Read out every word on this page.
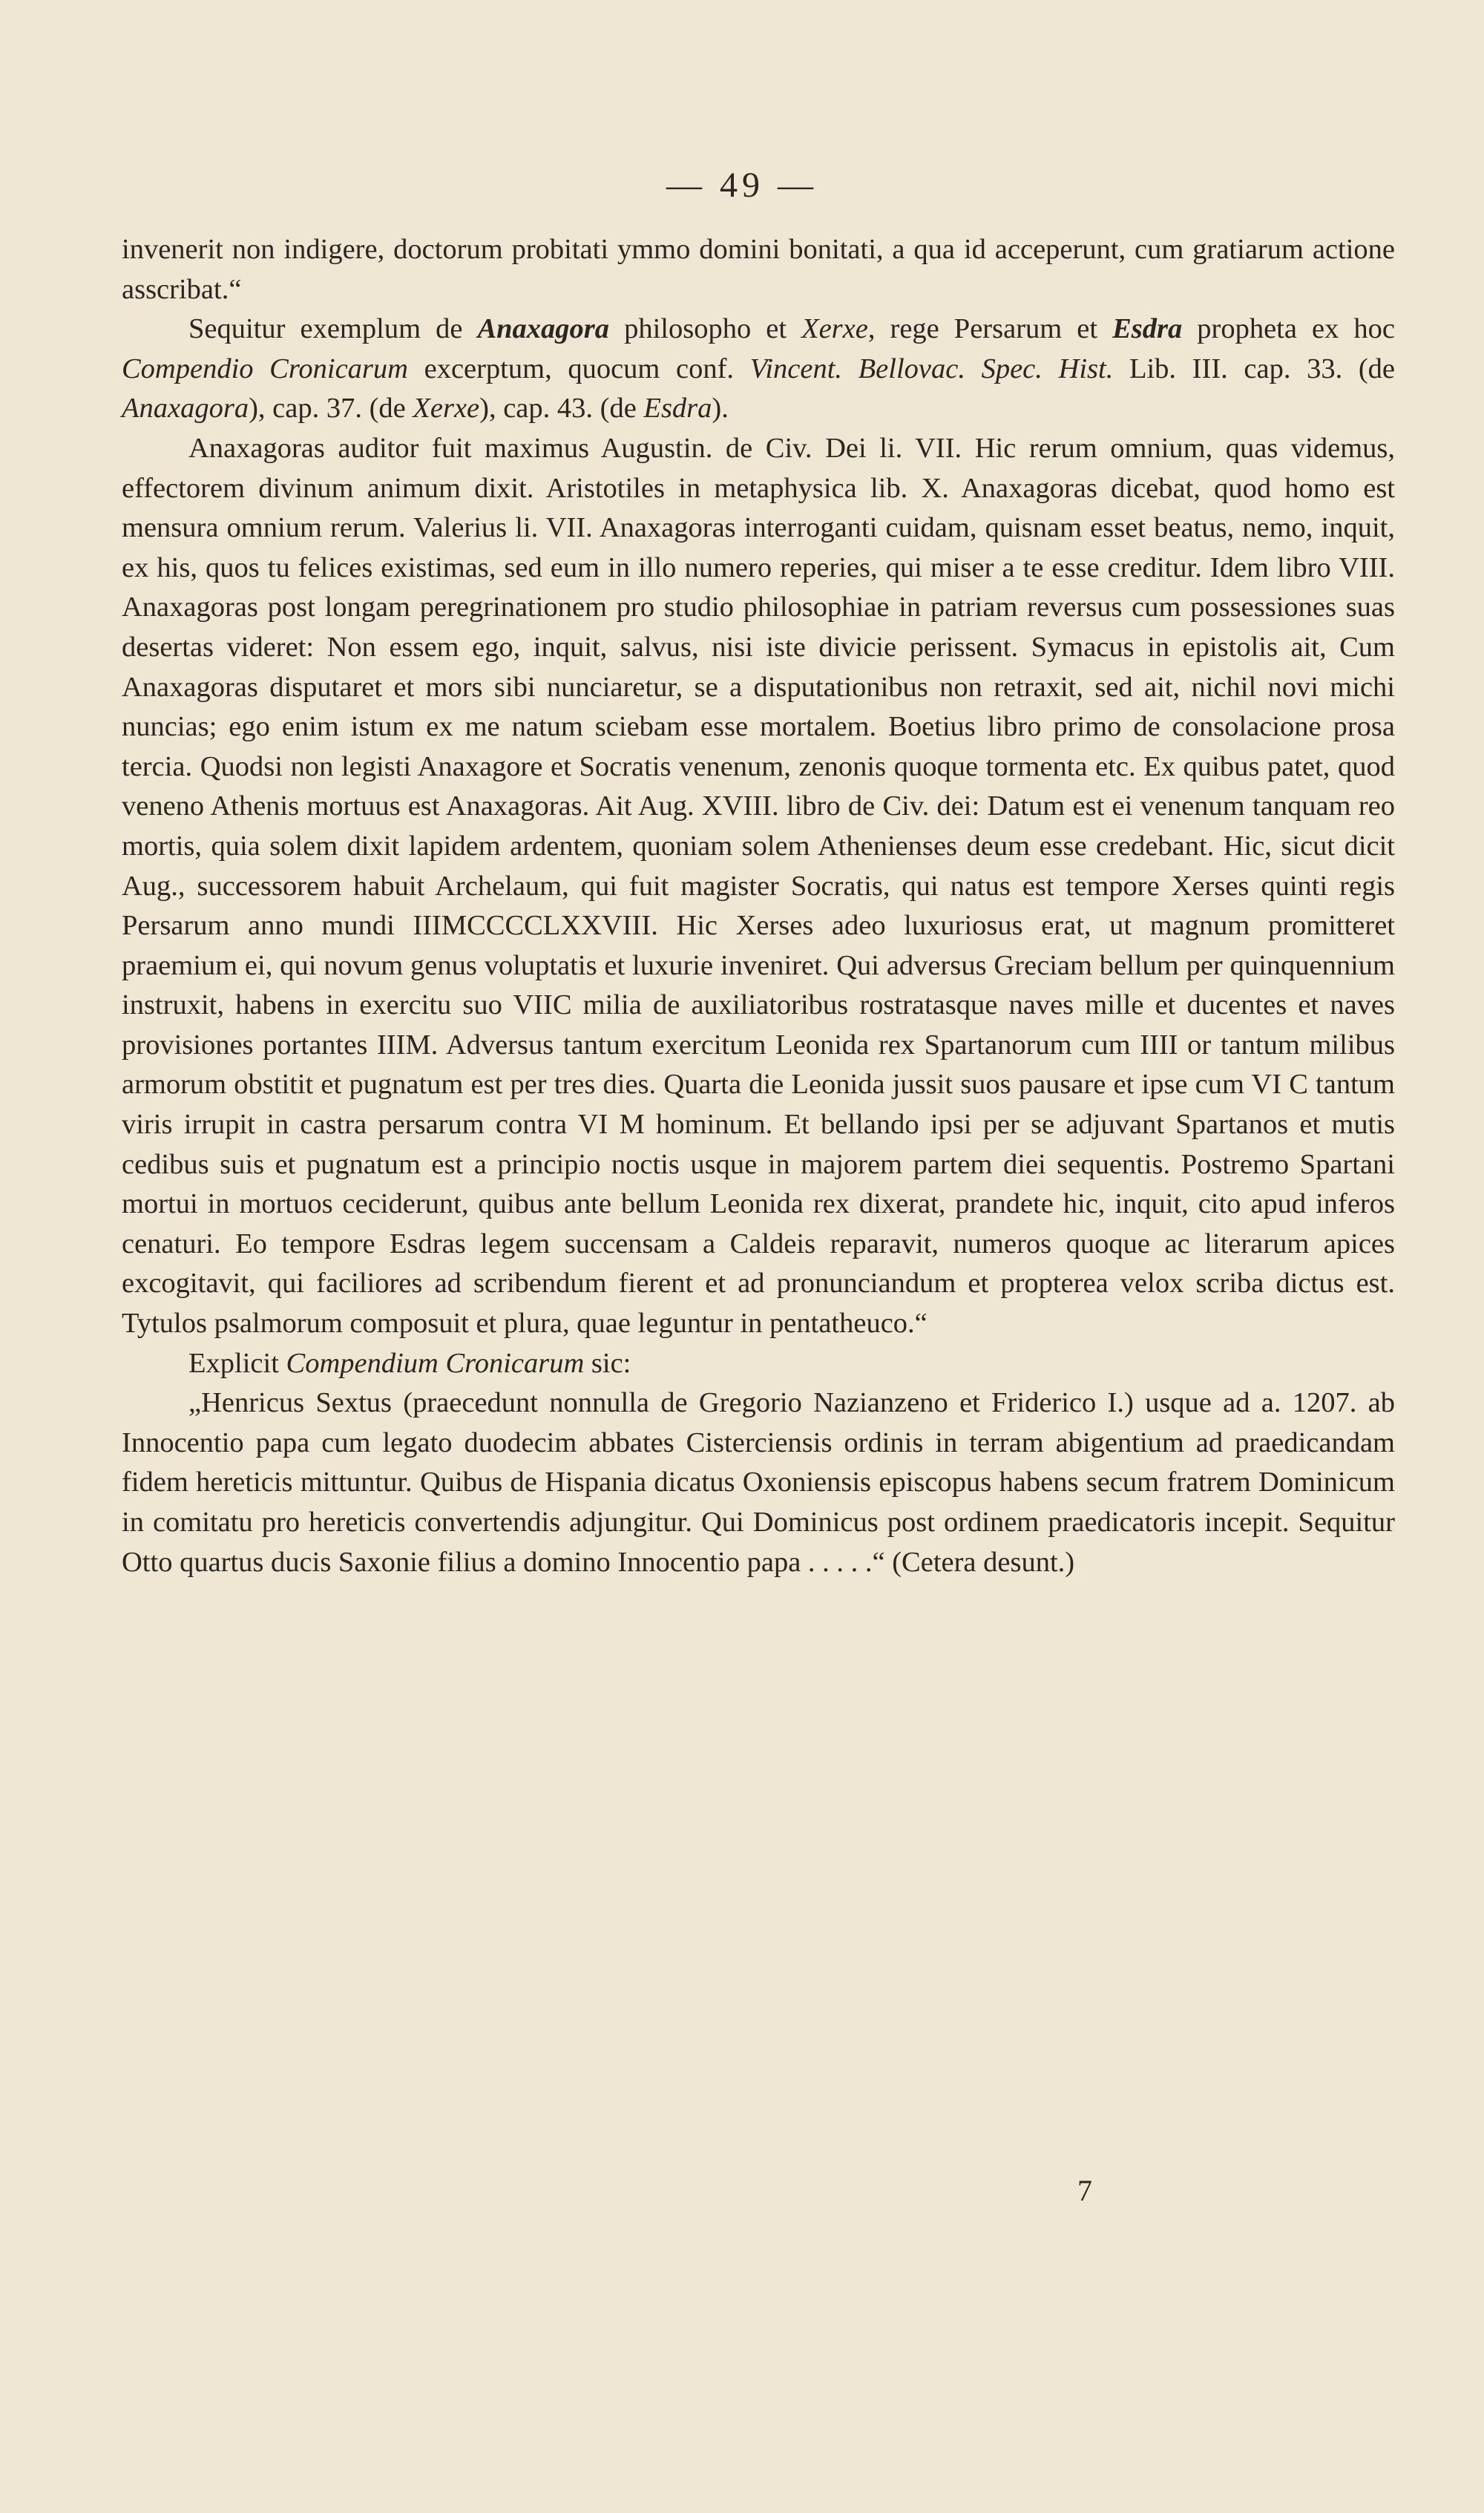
— 49 —

invenerit non indigere, doctorum probitati ymmo domini bonitati, a qua id acceperunt, cum gratiarum actione asscribat.“

Sequitur exemplum de Anaxagora philosopho et Xerxe, rege Persarum et Esdra propheta ex hoc Compendio Cronicarum excerptum, quocum conf. Vincent. Bellovac. Spec. Hist. Lib. III. cap. 33. (de Anaxagora), cap. 37. (de Xerxe), cap. 43. (de Esdra).

Anaxagoras auditor fuit maximus Augustin. de Civ. Dei li. VII. Hic rerum omnium, quas videmus, effectorem divinum animum dixit. Aristotiles in metaphysica lib. X. Anaxagoras dicebat, quod homo est mensura omnium rerum. Valerius li. VII. Anaxagoras interroganti cuidam, quisnam esset beatus, nemo, inquit, ex his, quos tu felices existimas, sed eum in illo numero reperies, qui miser a te esse creditur. Idem libro VIII. Anaxagoras post longam peregrinationem pro studio philosophiae in patriam reversus cum possessiones suas desertas videret: Non essem ego, inquit, salvus, nisi iste divicie perissent. Symacus in epistolis ait, Cum Anaxagoras disputaret et mors sibi nunciaretur, se a disputationibus non retraxit, sed ait, nichil novi michi nuncias; ego enim istum ex me natum sciebam esse mortalem. Boetius libro primo de consolacione prosa tercia. Quodsi non legisti Anaxagore et Socratis venenum, zenonis quoque tormenta etc. Ex quibus patet, quod veneno Athenis mortuus est Anaxagoras. Ait Aug. XVIII. libro de Civ. dei: Datum est ei venenum tanquam reo mortis, quia solem dixit lapidem ardentem, quoniam solem Athenienses deum esse credebant. Hic, sicut dicit Aug., successorem habuit Archelaum, qui fuit magister Socratis, qui natus est tempore Xerses quinti regis Persarum anno mundi IIIMCCCCLXXVIII. Hic Xerses adeo luxuriosus erat, ut magnum promitteret praemium ei, qui novum genus voluptatis et luxurie inveniret. Qui adversus Greciam bellum per quinquennium instruxit, habens in exercitu suo VIIC milia de auxiliatoribus rostratasque naves mille et ducentes et naves provisiones portantes IIIM. Adversus tantum exercitum Leonida rex Spartanorum cum IIII or tantum milibus armorum obstitit et pugnatum est per tres dies. Quarta die Leonida jussit suos pausare et ipse cum VI C tantum viris irrupit in castra persarum contra VI M hominum. Et bellando ipsi per se adjuvant Spartanos et mutis cedibus suis et pugnatum est a principio noctis usque in majorem partem diei sequentis. Postremo Spartani mortui in mortuos ceciderunt, quibus ante bellum Leonida rex dixerat, prandete hic, inquit, cito apud inferos cenaturi. Eo tempore Esdras legem succensam a Caldeis reparavit, numeros quoque ac literarum apices excogitavit, qui faciliores ad scribendum fierent et ad pronunciandum et propterea velox scriba dictus est. Tytulos psalmorum composuit et plura, quae leguntur in pentatheuco.“

Explicit Compendium Cronicarum sic:

„Henricus Sextus (praecedunt nonnulla de Gregorio Nazianzeno et Friderico I.) usque ad a. 1207. ab Innocentio papa cum legato duodecim abbates Cisterciensis ordinis in terram abigentium ad praedicandam fidem hereticis mittuntur. Quibus de Hispania dicatus Oxoniensis episcopus habens secum fratrem Dominicum in comitatu pro hereticis convertendis adjungitur. Qui Dominicus post ordinem praedicatoris incepit. Sequitur Otto quartus ducis Saxonie filius a domino Innocentio papa . . . . .“ (Cetera desunt.)

7
